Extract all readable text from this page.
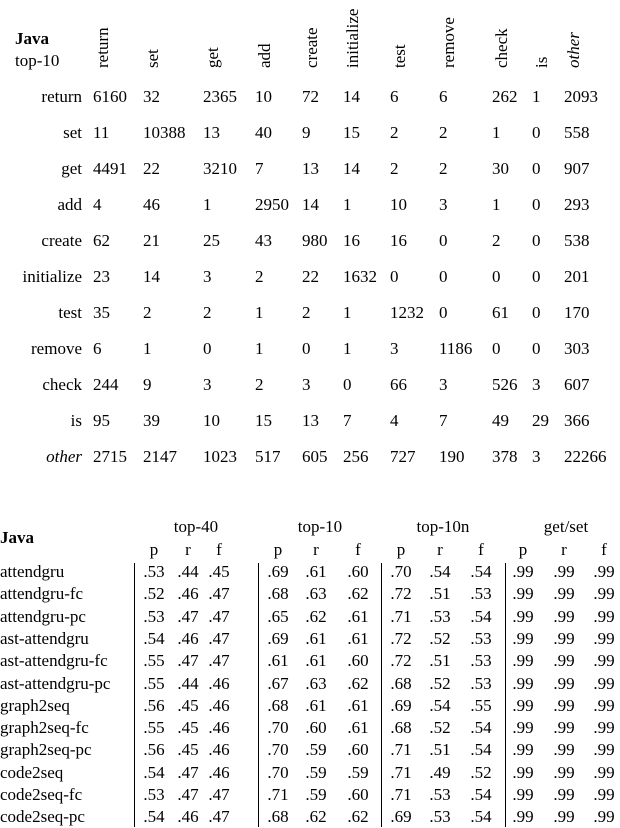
Java
top-10 return set get add create initialize test remove check is other
return 6160 32	2365 10 72 14 6 6	262 1 2093
set 11 10388 13 40 9 15 2 2	1 0 558
get 4491 22	3210 7 13 14 2 2	30 0 907
add 4 46	1	2950 14 1 10 3	1 0 293
create 62 21	25 43 980 16 16 0	2 0 538
initialize 23 14	3	2 22 1632 0 0	0 0 201
test 35 2	2	1 2 1 1232 0	61 0 170
remove 6 1	0	1 0 1 3 1186 0 0 303
check 244 9	3	2 3 0 66 3	526 3 607
is 95 39	10 15 13 7 4 7	49 29 366
other 2715 2147 1023 517 605 256 727 190 378 3 22266
Java
top-40	top-10	top-10n	get/set
p	r	f	p	r	f	p	r	f	p	r	f
attendgru	.53 .44 .45	.69 .61	.60	.70	.54	.54	.99	.99	.99
attendgru-fc	.52 .46 .47	.68 .63	.62	.72	.51	.53	.99	.99	.99
attendgru-pc	.53 .47 .47	.65 .62	.61	.71	.53	.54	.99	.99	.99
ast-attendgru	.54 .46 .47	.69 .61	.61	.72	.52	.53	.99	.99	.99
ast-attendgru-fc	.55 .47 .47	.61 .61	.60	.72	.51	.53	.99	.99	.99
ast-attendgru-pc	.55 .44 .46	.67 .63	.62	.68	.52	.53	.99	.99	.99
graph2seq	.56 .45 .46	.68 .61	.61	.69	.54	.55	.99	.99	.99
graph2seq-fc	.55 .45 .46	.70 .60	.61	.68	.52	.54	.99	.99	.99
graph2seq-pc	.56 .45 .46	.70 .59	.60	.71	.51	.54	.99	.99	.99
code2seq	.54 .47 .46	.70 .59	.59	.71	.49	.52	.99	.99	.99
code2seq-fc	.53 .47 .47	.71 .59	.60	.71	.53	.54	.99	.99	.99
code2seq-pc	.54 .46 .47	.68 .62	.62	.69	.53	.54	.99	.99	.99
